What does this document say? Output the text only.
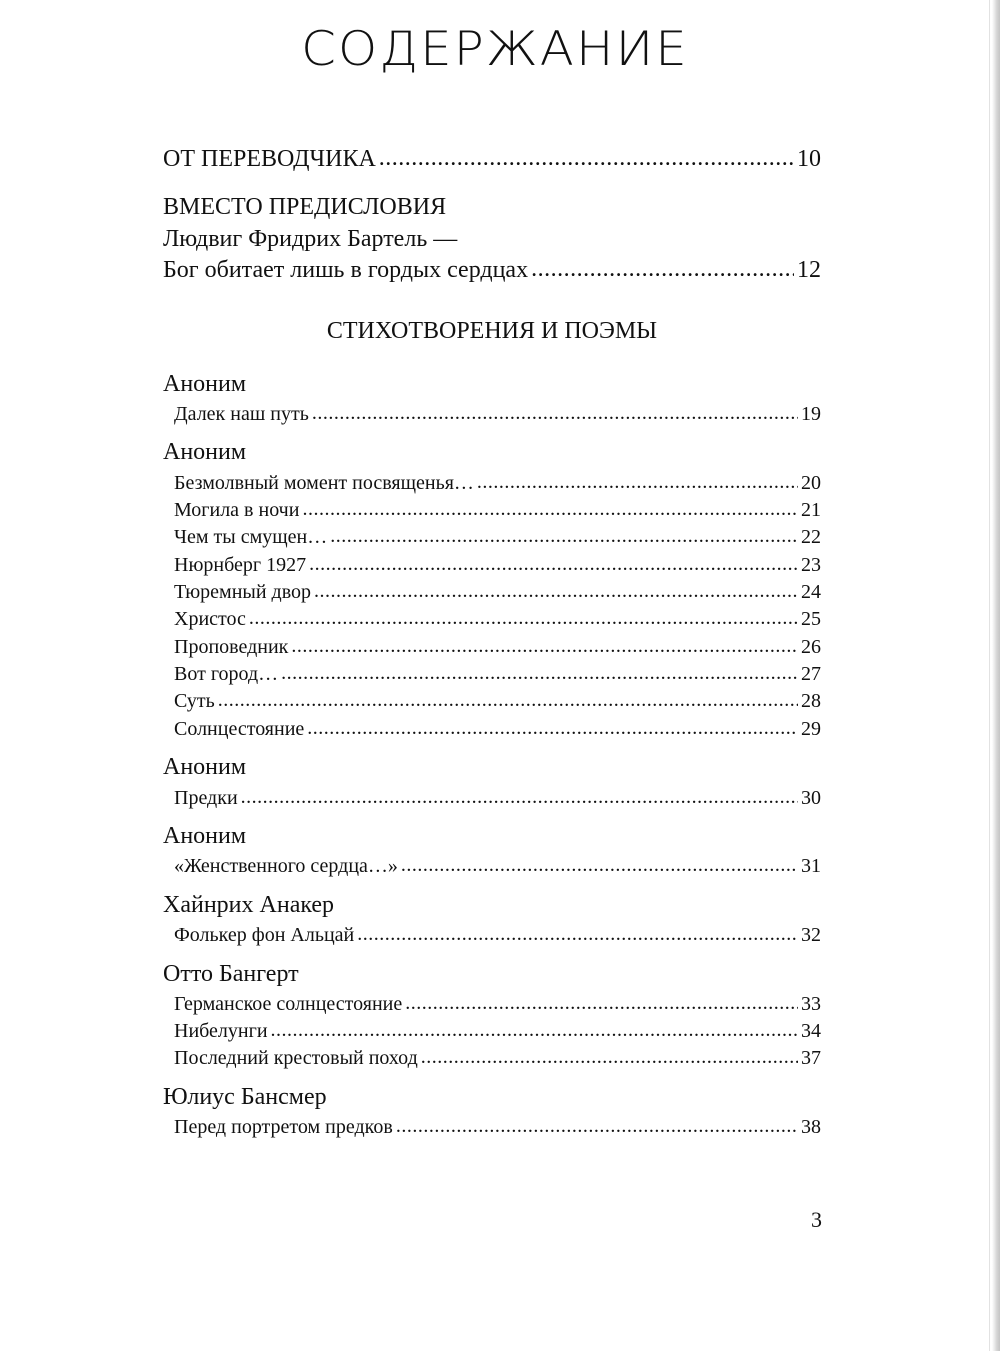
СОДЕРЖАНИЕ
ОТ ПЕРЕВОДЧИКА .....	10
ВМЕСТО ПРЕДИСЛОВИЯ
Людвиг Фридрих Бартель —
Бог обитает лишь в гордых сердцах .....	12
СТИХОТВОРЕНИЯ И ПОЭМЫ
Аноним
Далек наш путь .....	19
Аноним
Безмолвный момент посвященья… .....	20
Могила в ночи .....	21
Чем ты смущен… .....	22
Нюрнберг 1927 .....	23
Тюремный двор .....	24
Христос .....	25
Проповедник .....	26
Вот город… .....	27
Суть .....	28
Солнцестояние .....	29
Аноним
Предки .....	30
Аноним
«Женственного сердца…» .....	31
Хайнрих Анакер
Фолькер фон Альцай .....	32
Отто Бангерт
Германское солнцестояние .....	33
Нибелунги .....	34
Последний крестовый поход .....	37
Юлиус Бансмер
Перед портретом предков .....	38
3
